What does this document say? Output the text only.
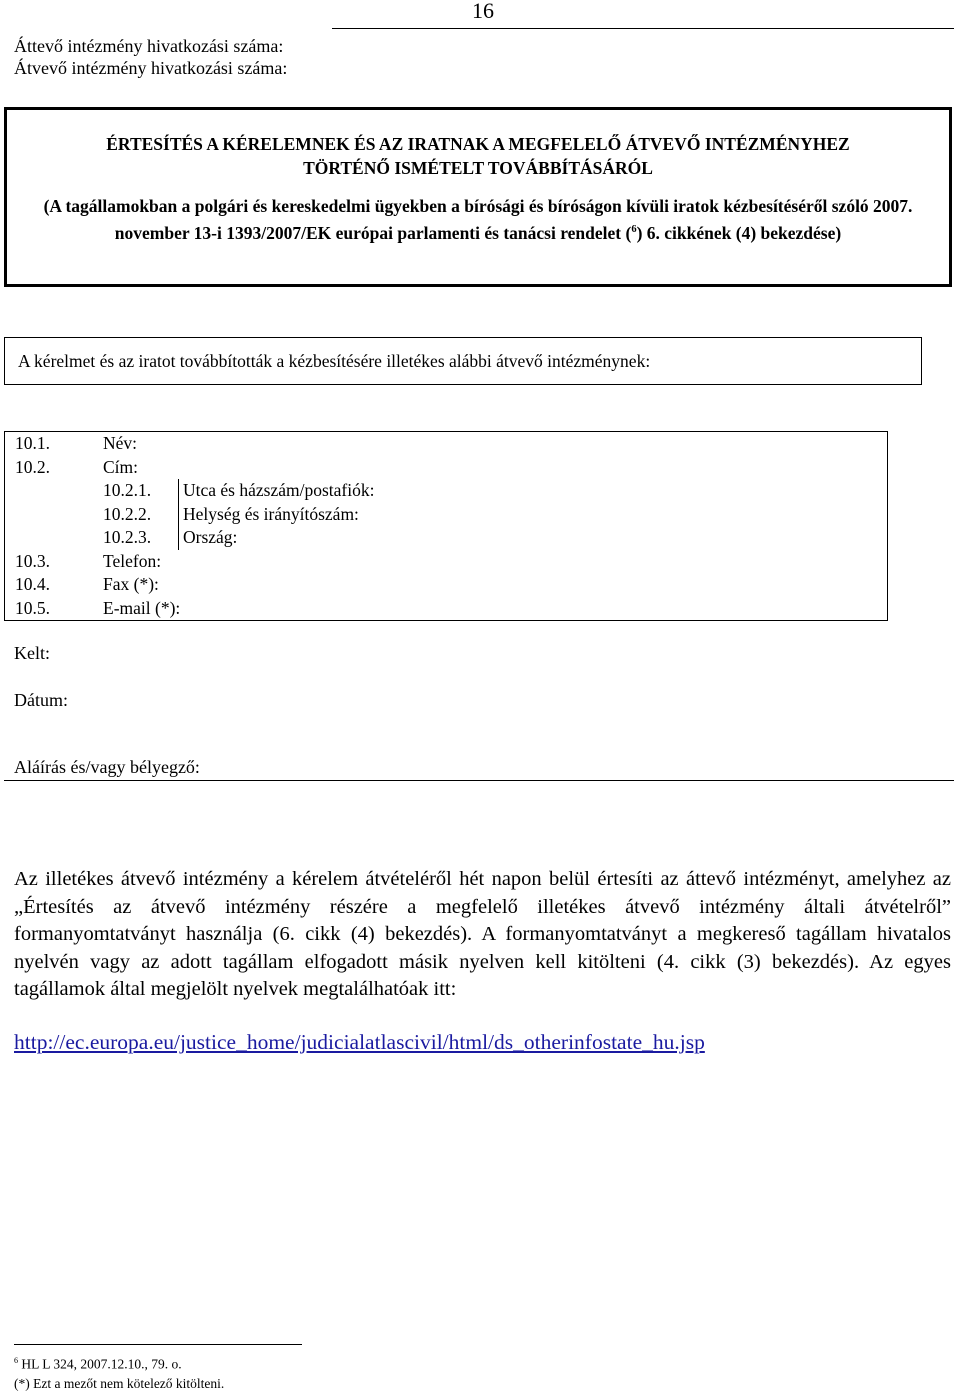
16
Áttevő intézmény hivatkozási száma:
Átvevő intézmény hivatkozási száma:
ÉRTESÍTÉS A KÉRELEMNEK ÉS AZ IRATNAK A MEGFELELŐ ÁTVEVŐ INTÉZMÉNYHEZ
TÖRTÉNŐ ISMÉTELT TOVÁBBÍTÁSÁRÓL
(A tagállamokban a polgári és kereskedelmi ügyekben a bírósági és bíróságon kívüli iratok kézbesítéséről szóló 2007. november 13-i 1393/2007/EK európai parlamenti és tanácsi rendelet ($^6$) 6. cikkének (4) bekezdése)
A kérelmet és az iratot továbbították a kézbesítésére illetékes alábbi átvevő intézménynek:
10.1.	Név:	
10.2.	Cím:	
	10.2.1.	Utca és házszám/postafiók:
	10.2.2.	Helység és irányítószám:
	10.2.3.	Ország:
10.3.	Telefon:	
10.4.	Fax (*):	
10.5.	E-mail (*):	
Kelt:
Dátum:
Aláírás és/vagy bélyegző:
Az illetékes átvevő intézmény a kérelem átvételéről hét napon belül értesíti az áttevő intézményt, amelyhez az „Értesítés az átvevő intézmény részére a megfelelő illetékes átvevő intézmény általi átvételről” formanyomtatványt használja (6. cikk (4) bekezdés). A formanyomtatványt a megkereső tagállam hivatalos nyelvén vagy az adott tagállam elfogadott másik nyelven kell kitölteni (4. cikk (3) bekezdés). Az egyes tagállamok által megjelölt nyelvek megtalálhatóak itt:
http://ec.europa.eu/justice_home/judicialatlascivil/html/ds_otherinfostate_hu.jsp
$^6$ HL L 324, 2007.12.10., 79. o.
(*) Ezt a mezőt nem kötelező kitölteni.
